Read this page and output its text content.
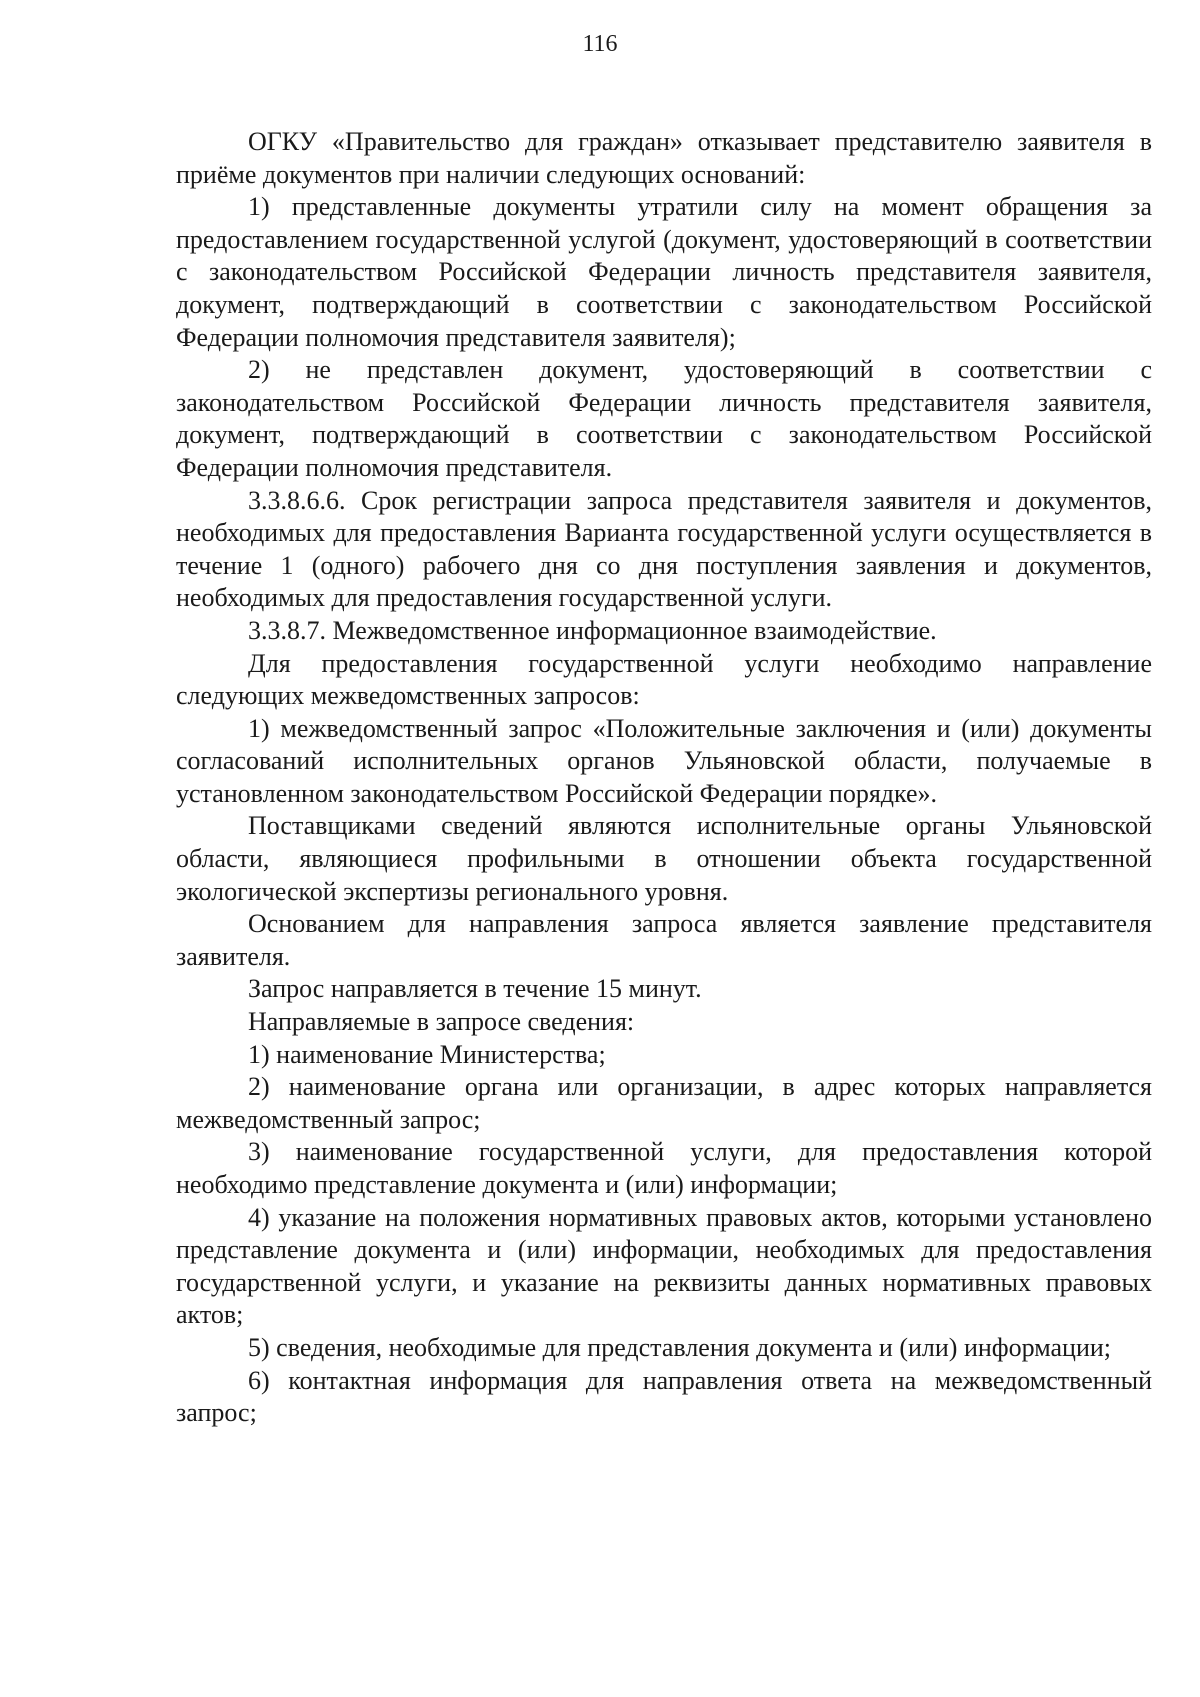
116

ОГКУ «Правительство для граждан» отказывает представителю заявителя в приёме документов при наличии следующих оснований:

1) представленные документы утратили силу на момент обращения за предоставлением государственной услугой (документ, удостоверяющий в соответствии с законодательством Российской Федерации личность представителя заявителя, документ, подтверждающий в соответствии с законодательством Российской Федерации полномочия представителя заявителя);

2) не представлен документ, удостоверяющий в соответствии с законодательством Российской Федерации личность представителя заявителя, документ, подтверждающий в соответствии с законодательством Российской Федерации полномочия представителя.

3.3.8.6.6. Срок регистрации запроса представителя заявителя и документов, необходимых для предоставления Варианта государственной услуги осуществляется в течение 1 (одного) рабочего дня со дня поступления заявления и документов, необходимых для предоставления государственной услуги.

3.3.8.7. Межведомственное информационное взаимодействие.

Для предоставления государственной услуги необходимо направление следующих межведомственных запросов:

1) межведомственный запрос «Положительные заключения и (или) документы согласований исполнительных органов Ульяновской области, получаемые в установленном законодательством Российской Федерации порядке».

Поставщиками сведений являются исполнительные органы Ульяновской области, являющиеся профильными в отношении объекта государственной экологической экспертизы регионального уровня.

Основанием для направления запроса является заявление представителя заявителя.

Запрос направляется в течение 15 минут.

Направляемые в запросе сведения:

1) наименование Министерства;

2) наименование органа или организации, в адрес которых направляется межведомственный запрос;

3) наименование государственной услуги, для предоставления которой необходимо представление документа и (или) информации;

4) указание на положения нормативных правовых актов, которыми установлено представление документа и (или) информации, необходимых для предоставления государственной услуги, и указание на реквизиты данных нормативных правовых актов;

5) сведения, необходимые для представления документа и (или) информации;

6) контактная информация для направления ответа на межведомственный запрос;
